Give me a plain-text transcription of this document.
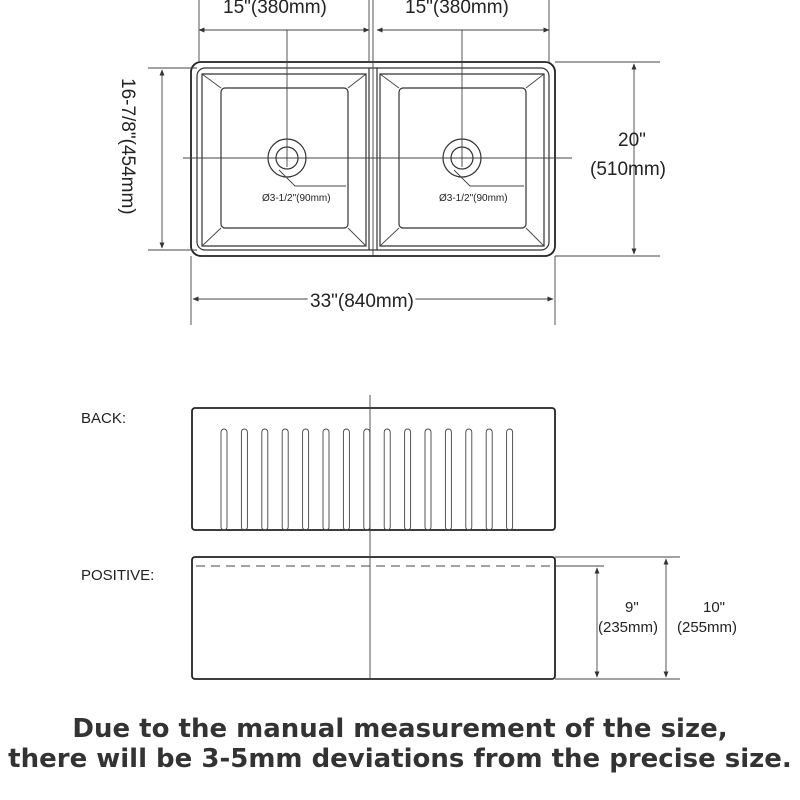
Ø3-1/2"(90mm)	Ø3-1/2"(90mm)
15"(380mm)	15"(380mm)
16-7/8"(454mm)	20"
(510mm)
33"(840mm)
BACK:
POSITIVE:
9"
(235mm)
10"
(255mm)
Due to the manual measurement of the size,
there will be 3-5mm deviations from the precise size.
